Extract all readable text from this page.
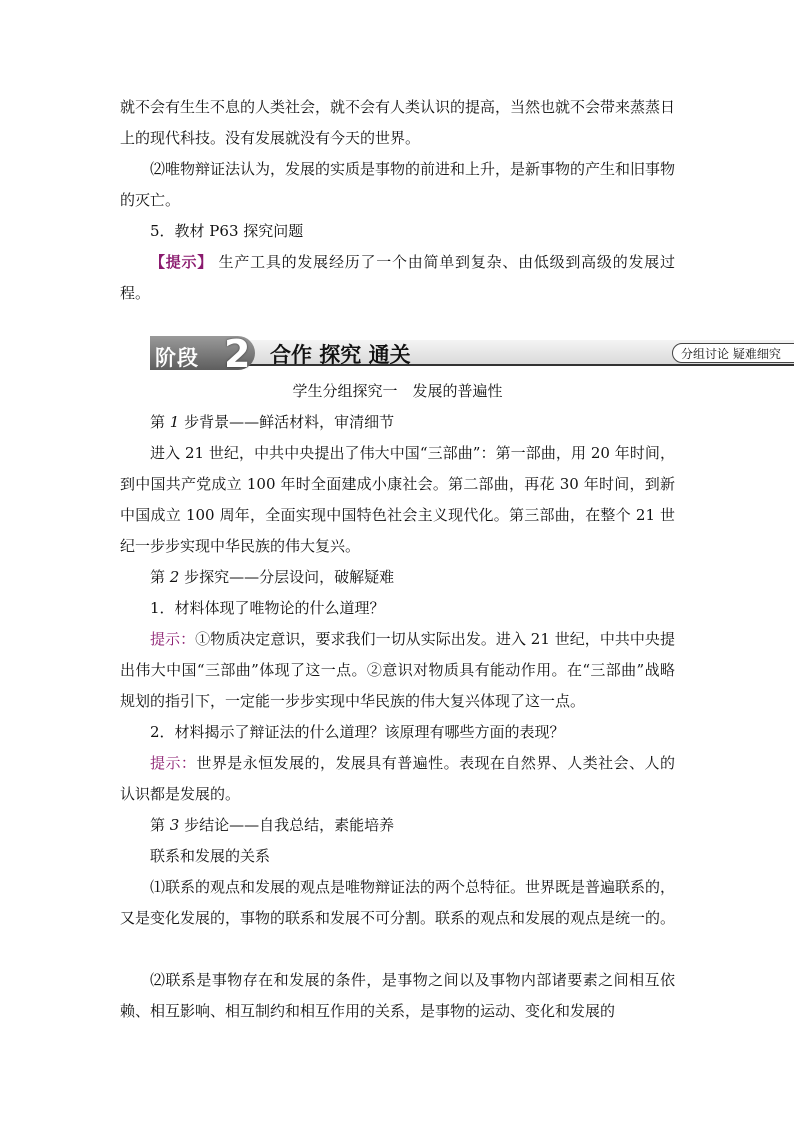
就不会有生生不息的人类社会，就不会有人类认识的提高，当然也就不会带来蒸蒸日上的现代科技。没有发展就没有今天的世界。

⑵唯物辩证法认为，发展的实质是事物的前进和上升，是新事物的产生和旧事物的灭亡。

5．教材 P63 探究问题

【提示】 生产工具的发展经历了一个由简单到复杂、由低级到高级的发展过程。

阶段 2 合作 探究 通关	分组讨论 疑难细究

学生分组探究一　发展的普遍性

第 1 步背景——鲜活材料，审清细节

进入 21 世纪，中共中央提出了伟大中国“三部曲”：第一部曲，用 20 年时间，到中国共产党成立 100 年时全面建成小康社会。第二部曲，再花 30 年时间，到新中国成立 100 周年，全面实现中国特色社会主义现代化。第三部曲，在整个 21 世纪一步步实现中华民族的伟大复兴。

第 2 步探究——分层设问，破解疑难

1．材料体现了唯物论的什么道理？

提示：①物质决定意识，要求我们一切从实际出发。进入 21 世纪，中共中央提出伟大中国“三部曲”体现了这一点。②意识对物质具有能动作用。在“三部曲”战略规划的指引下，一定能一步步实现中华民族的伟大复兴体现了这一点。

2．材料揭示了辩证法的什么道理？该原理有哪些方面的表现？

提示：世界是永恒发展的，发展具有普遍性。表现在自然界、人类社会、人的认识都是发展的。

第 3 步结论——自我总结，素能培养

联系和发展的关系

⑴联系的观点和发展的观点是唯物辩证法的两个总特征。世界既是普遍联系的，又是变化发展的，事物的联系和发展不可分割。联系的观点和发展的观点是统一的。

⑵联系是事物存在和发展的条件，是事物之间以及事物内部诸要素之间相互依赖、相互影响、相互制约和相互作用的关系，是事物的运动、变化和发展的
